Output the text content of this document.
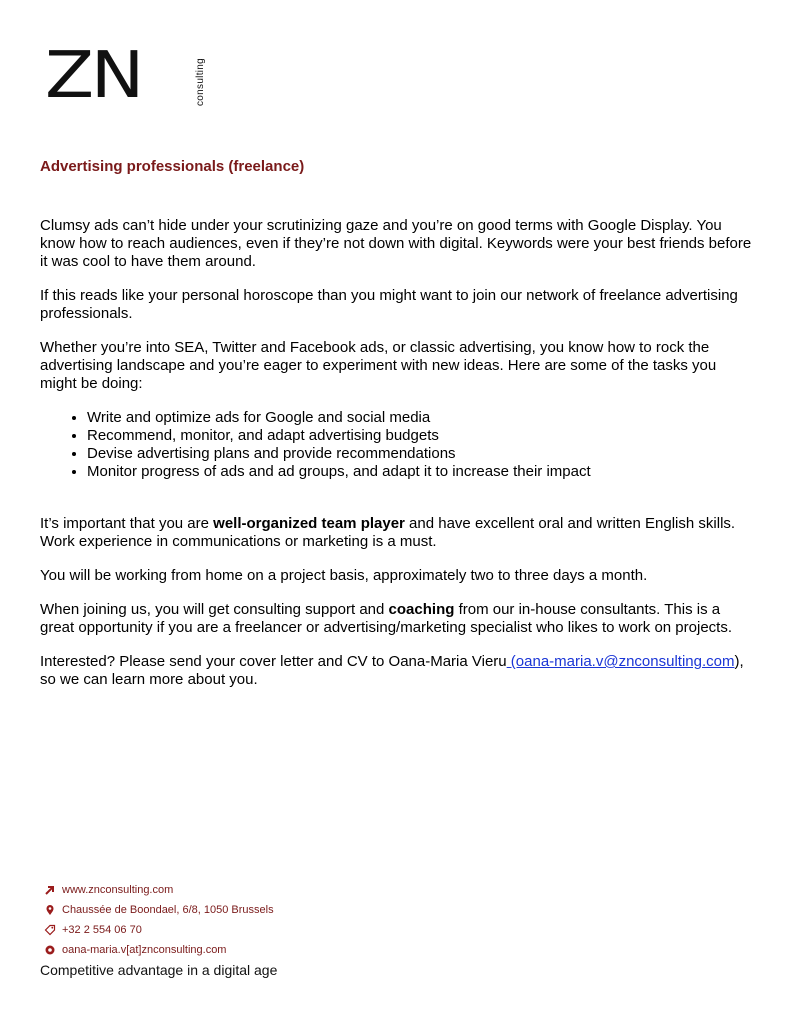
ZN	consulting
Advertising professionals (freelance)

Clumsy ads can’t hide under your scrutinizing gaze and you’re on good terms with Google Display. You know how to reach audiences, even if they’re not down with digital. Keywords were your best friends before it was cool to have them around.

If this reads like your personal horoscope than you might want to join our network of freelance advertising professionals.

Whether you’re into SEA, Twitter and Facebook ads, or classic advertising, you know how to rock the advertising landscape and you’re eager to experiment with new ideas. Here are some of the tasks you might be doing:

• Write and optimize ads for Google and social media
• Recommend, monitor, and adapt advertising budgets
• Devise advertising plans and provide recommendations
• Monitor progress of ads and ad groups, and adapt it to increase their impact

It’s important that you are well-organized team player and have excellent oral and written English skills. Work experience in communications or marketing is a must.

You will be working from home on a project basis, approximately two to three days a month.

When joining us, you will get consulting support and coaching from our in-house consultants. This is a great opportunity if you are a freelancer or advertising/marketing specialist who likes to work on projects.

Interested? Please send your cover letter and CV to Oana-Maria Vieru (oana-maria.v@znconsulting.com), so we can learn more about you.

www.znconsulting.com
Chaussée de Boondael, 6/8, 1050 Brussels
+32 2 554 06 70
oana-maria.v[at]znconsulting.com
Competitive advantage in a digital age
